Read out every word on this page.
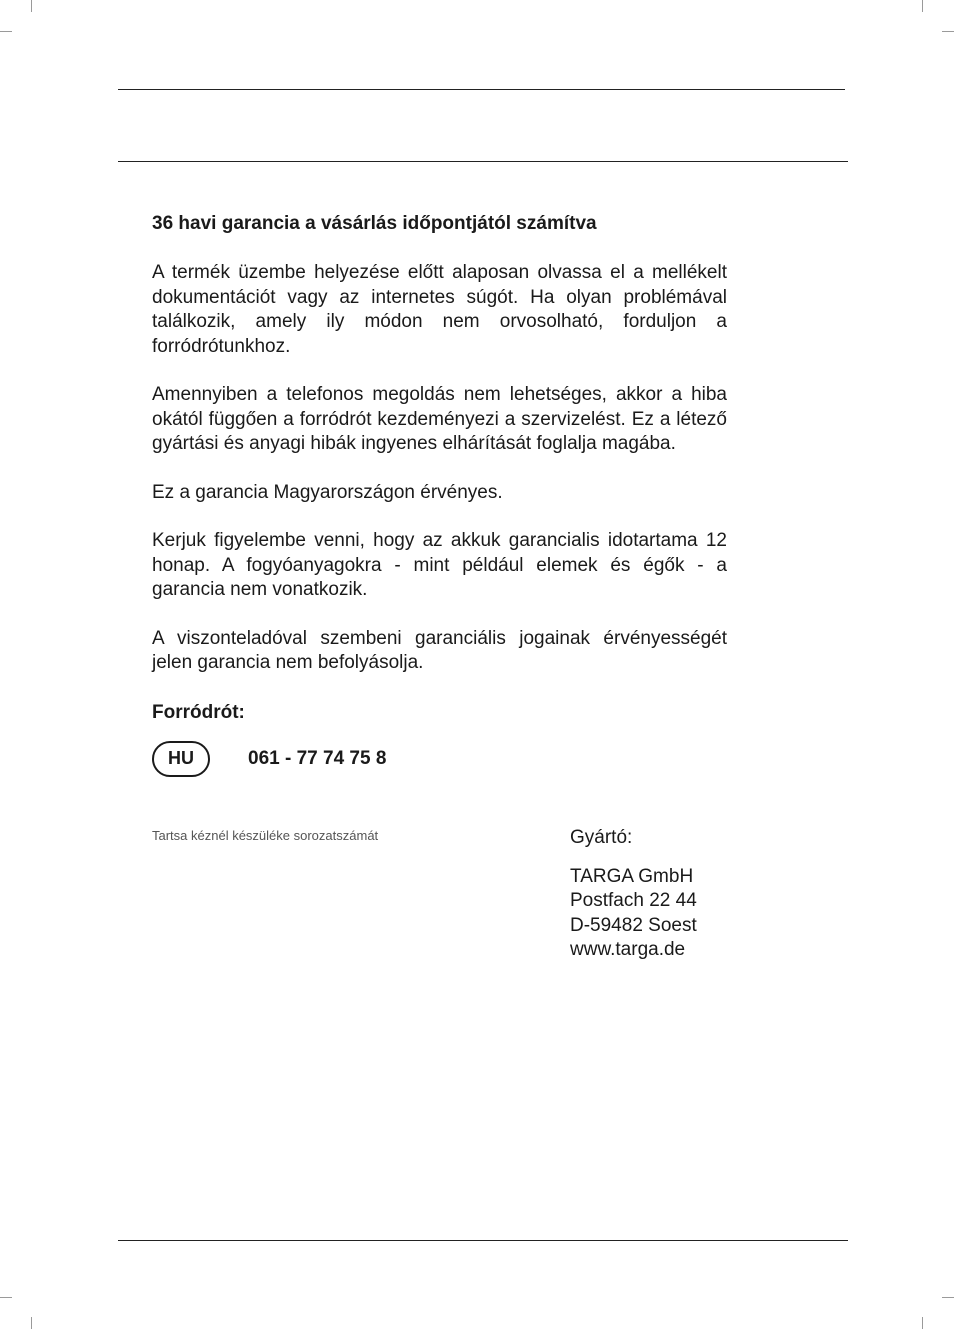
36 havi garancia a vásárlás időpontjától számítva

A termék üzembe helyezése előtt alaposan olvassa el a mellékelt dokumentációt vagy az internetes súgót. Ha olyan problémával találkozik, amely ily módon nem orvosolható, forduljon a forródrótunkhoz.

Amennyiben a telefonos megoldás nem lehetséges, akkor a hiba okától függően a forródrót kezdeményezi a szervizelést. Ez a létező gyártási és anyagi hibák ingyenes elhárítását foglalja magába.

Ez a garancia Magyarországon érvényes.

Kerjuk figyelembe venni, hogy az akkuk garancialis idotartama 12 honap. A fogyóanyagokra - mint például elemek és égők - a garancia nem vonatkozik.

A viszonteladóval szembeni garanciális jogainak érvényességét jelen garancia nem befolyásolja.

Forródrót:
HU	061 - 77 74 75 8
Tartsa kéznél készüléke sorozatszámát	Gyártó:
TARGA GmbH
Postfach 22 44
D-59482 Soest
www.targa.de
